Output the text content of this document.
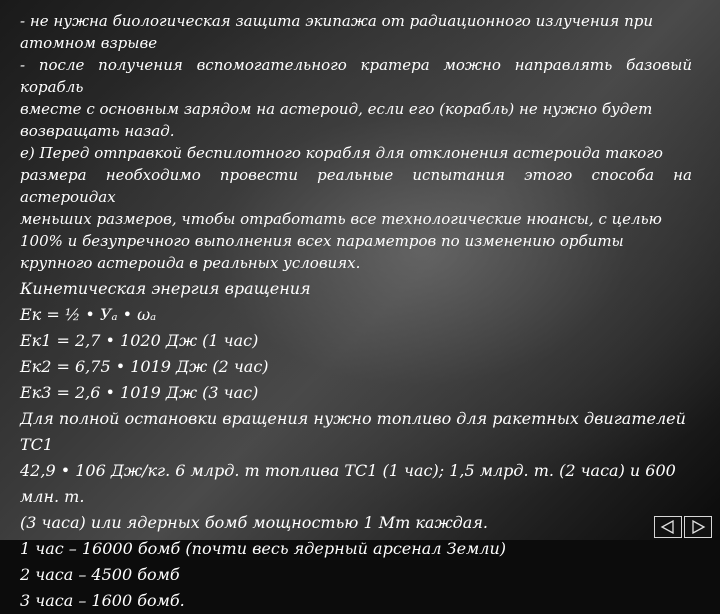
- не нужна биологическая защита экипажа от радиационного излучения при

атомном взрыве

- после получения вспомогательного кратера можно направлять базовый корабль

вместе с основным зарядом на астероид, если его (корабль) не нужно будет

возвращать назад.

е) Перед отправкой беспилотного корабля для отклонения астероида такого

размера необходимо провести реальные испытания этого способа на астероидах

меньших размеров, чтобы отработать все технологические нюансы, с целью

100% и безупречного выполнения всех параметров по изменению орбиты

крупного астероида в реальных условиях.

Кинетическая энергия вращения

Ек = ½ • Уₐ • ωₐ

Ек1 = 2,7 • 1020 Дж (1 час)

Ек2 = 6,75 • 1019 Дж (2 час)

Ек3 = 2,6 • 1019 Дж (3 час)

Для полной остановки вращения нужно топливо для ракетных двигателей ТС1

42,9 • 106 Дж/кг. 6 млрд. т топлива ТС1 (1 час); 1,5 млрд. т. (2 часа) и 600 млн. т.

(3 часа) или ядерных бомб мощностью 1 Мт каждая.

1 час – 16000 бомб (почти весь ядерный арсенал Земли)

2 часа – 4500 бомб

3 часа – 1600 бомб.
